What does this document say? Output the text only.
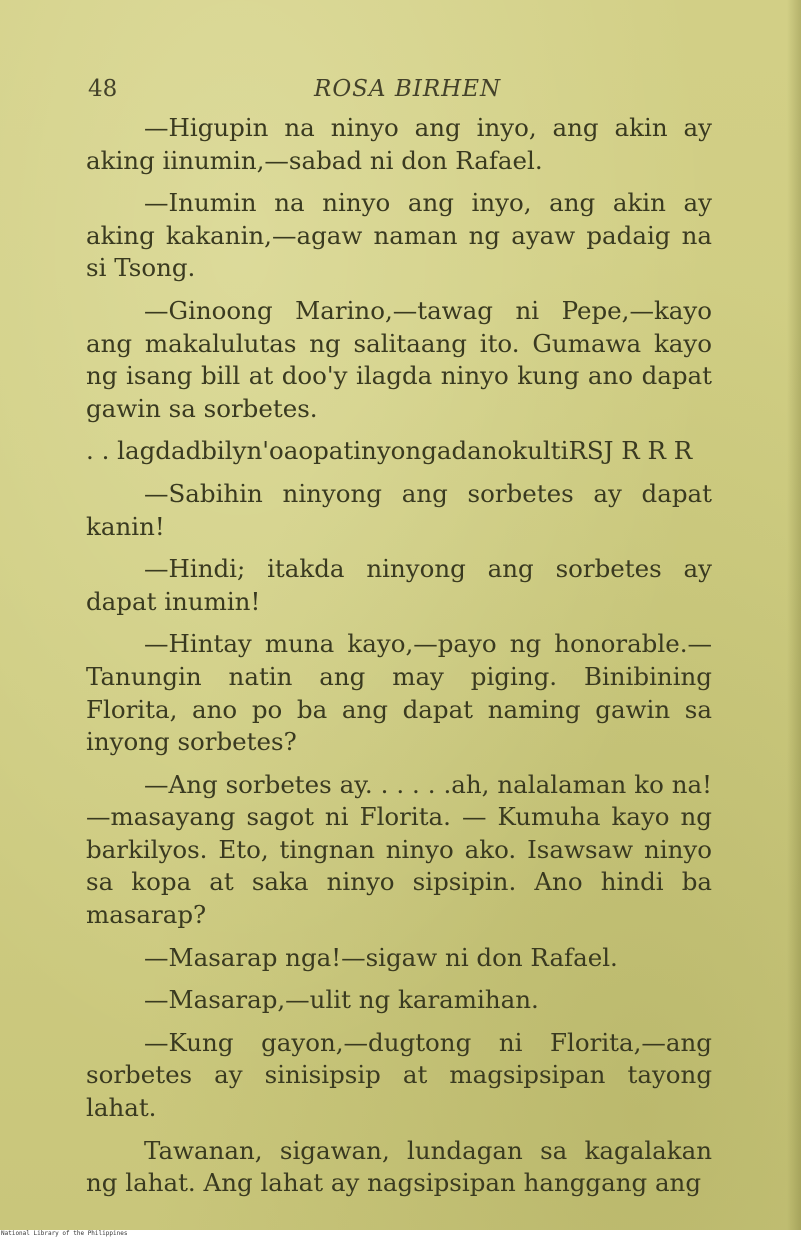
48	ROSA BIRHEN

—Higupin na ninyo ang inyo, ang akin ay aking iinumin,—sabad ni don Rafael.

—Inumin na ninyo ang inyo, ang akin ay aking kakanin,—agaw naman ng ayaw padaig na si Tsong.

—Ginoong Marino,—tawag ni Pepe,—kayo ang makalulutas ng salitaang ito. Gumawa kayo ng isang bill at doo'y ilagda ninyo kung ano dapat gawin sa sorbetes.

. . lagdadbilyn'oaopatinyongadanokultiRSJ R R R

—Sabihin ninyong ang sorbetes ay dapat kanin!

—Hindi; itakda ninyong ang sorbetes ay dapat inumin!

—Hintay muna kayo,—payo ng honorable.—Tanungin natin ang may piging. Binibining Florita, ano po ba ang dapat naming gawin sa inyong sorbetes?

—Ang sorbetes ay. . . . . .ah, nalalaman ko na! —masayang sagot ni Florita. — Kumuha kayo ng barkilyos. Eto, tingnan ninyo ako. Isawsaw ninyo sa kopa at saka ninyo sipsipin. Ano hindi ba masarap?

—Masarap nga!—sigaw ni don Rafael.

—Masarap,—ulit ng karamihan.

—Kung gayon,—dugtong ni Florita,—ang sorbetes ay sinisipsip at magsipsipan tayong lahat.

Tawanan, sigawan, lundagan sa kagalakan ng lahat. Ang lahat ay nagsipsipan hanggang ang

National Library of the Philippines
